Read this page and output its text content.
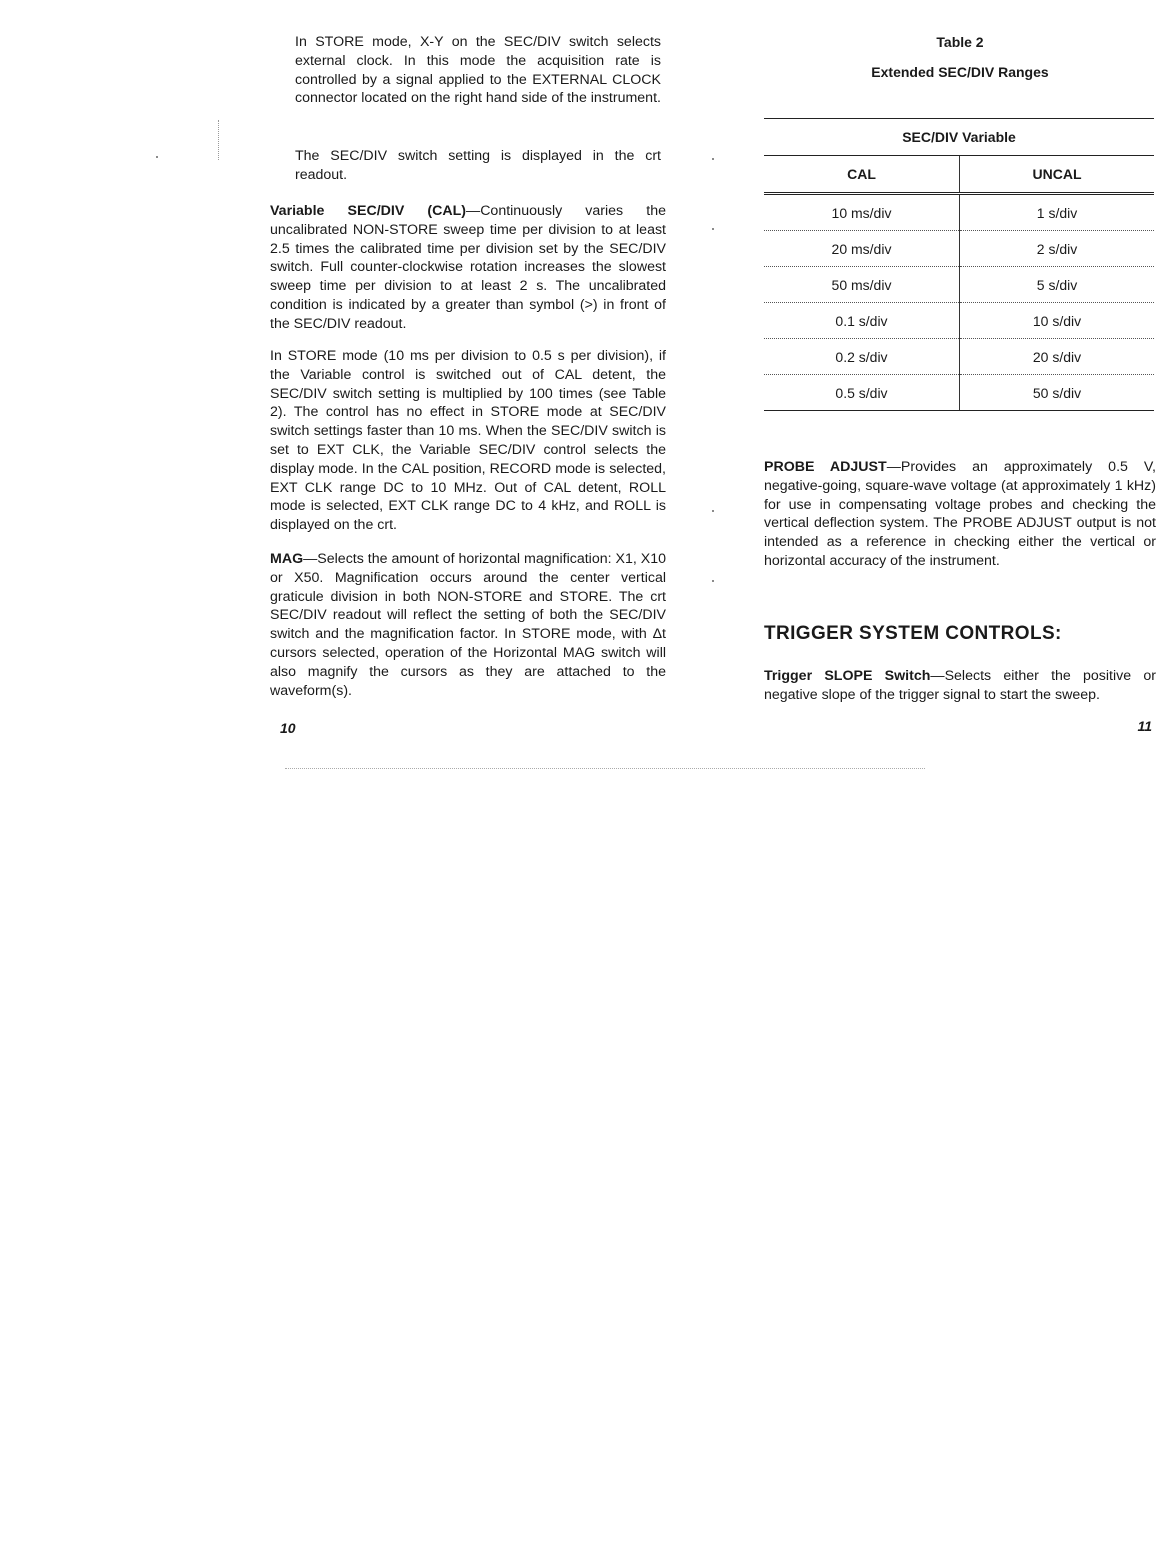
In STORE mode, X-Y on the SEC/DIV switch selects external clock. In this mode the acquisition rate is controlled by a signal applied to the EXTERNAL CLOCK connector located on the right hand side of the instrument.

The SEC/DIV switch setting is displayed in the crt readout.

Variable SEC/DIV (CAL)—Continuously varies the uncalibrated NON-STORE sweep time per division to at least 2.5 times the calibrated time per division set by the SEC/DIV switch. Full counter-clockwise rotation increases the slowest sweep time per division to at least 2 s. The uncalibrated condition is indicated by a greater than symbol (>) in front of the SEC/DIV readout.

In STORE mode (10 ms per division to 0.5 s per division), if the Variable control is switched out of CAL detent, the SEC/DIV switch setting is multiplied by 100 times (see Table 2). The control has no effect in STORE mode at SEC/DIV switch settings faster than 10 ms. When the SEC/DIV switch is set to EXT CLK, the Variable SEC/DIV control selects the display mode. In the CAL position, RECORD mode is selected, EXT CLK range DC to 10 MHz. Out of CAL detent, ROLL mode is selected, EXT CLK range DC to 4 kHz, and ROLL is displayed on the crt.

MAG—Selects the amount of horizontal magnification: X1, X10 or X50. Magnification occurs around the center vertical graticule division in both NON-STORE and STORE. The crt SEC/DIV readout will reflect the setting of both the SEC/DIV switch and the magnification factor. In STORE mode, with Δt cursors selected, operation of the Horizontal MAG switch will also magnify the cursors as they are attached to the waveform(s).

10
Table 2
Extended SEC/DIV Ranges
SEC/DIV Variable	
CAL	UNCAL
10 ms/div	1 s/div
20 ms/div	2 s/div
50 ms/div	5 s/div
0.1 s/div	10 s/div
0.2 s/div	20 s/div
0.5 s/div	50 s/div

PROBE ADJUST—Provides an approximately 0.5 V, negative-going, square-wave voltage (at approximately 1 kHz) for use in compensating voltage probes and checking the vertical deflection system. The PROBE ADJUST output is not intended as a reference in checking either the vertical or horizontal accuracy of the instrument.

TRIGGER SYSTEM CONTROLS:

Trigger SLOPE Switch—Selects either the positive or negative slope of the trigger signal to start the sweep.

11
